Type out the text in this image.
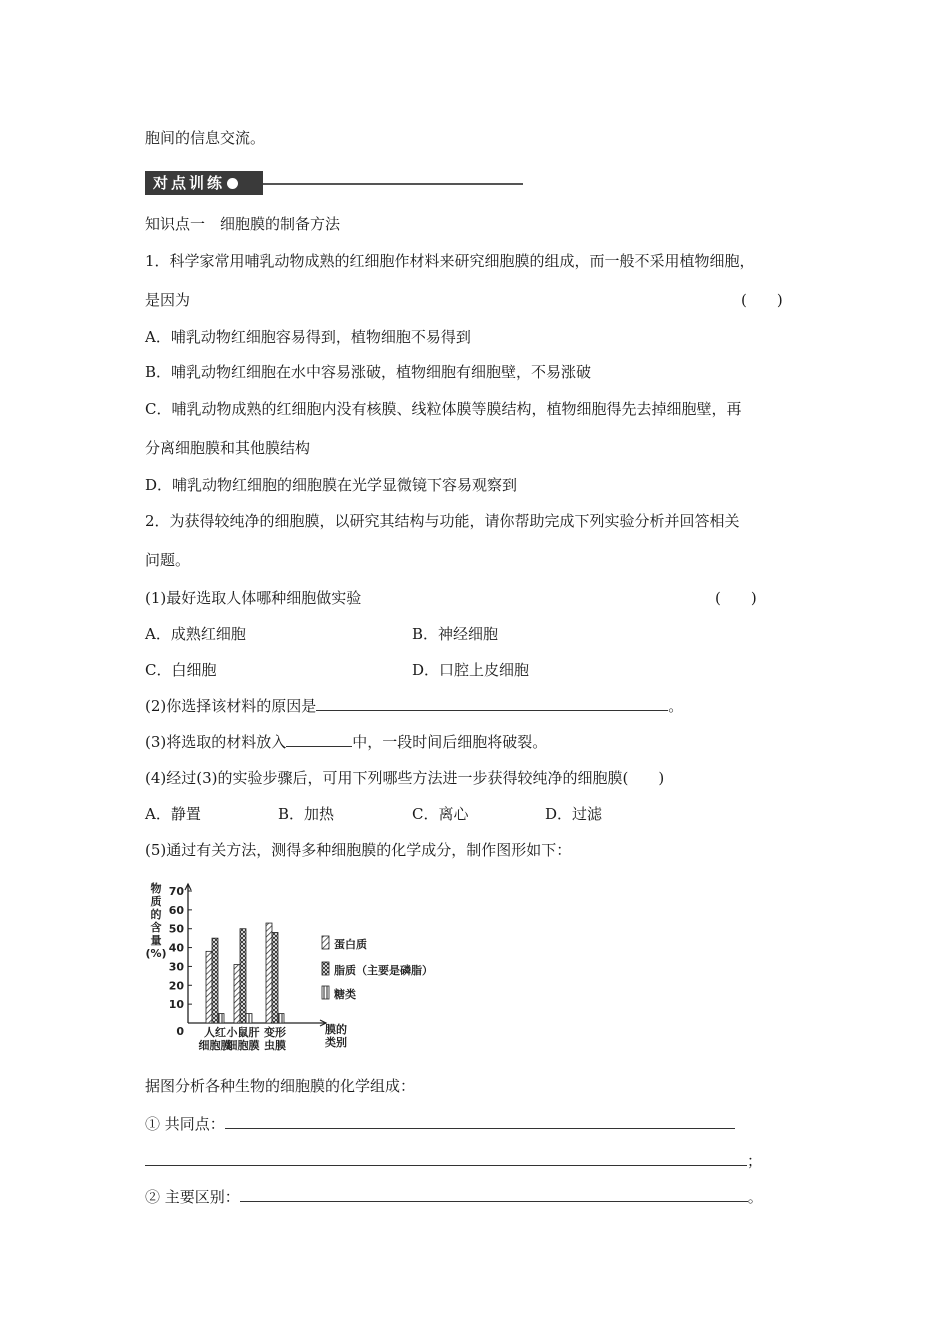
胞间的信息交流。
对点训练
知识点一　细胞膜的制备方法
1．科学家常用哺乳动物成熟的红细胞作材料来研究细胞膜的组成，而一般不采用植物细胞，
是因为	(　　)
A．哺乳动物红细胞容易得到，植物细胞不易得到
B．哺乳动物红细胞在水中容易涨破，植物细胞有细胞壁，不易涨破
C．哺乳动物成熟的红细胞内没有核膜、线粒体膜等膜结构，植物细胞得先去掉细胞壁，再
分离细胞膜和其他膜结构
D．哺乳动物红细胞的细胞膜在光学显微镜下容易观察到
2．为获得较纯净的细胞膜，以研究其结构与功能，请你帮助完成下列实验分析并回答相关
问题。
(1)最好选取人体哪种细胞做实验	(　　)
A．成熟红细胞	B．神经细胞
C．白细胞	D．口腔上皮细胞
(2)你选择该材料的原因是	。
(3)将选取的材料放入	中，一段时间后细胞将破裂。
(4)经过(3)的实验步骤后，可用下列哪些方法进一步获得较纯净的细胞膜(　　)
A．静置	B．加热	C．离心	D．过滤
(5)通过有关方法，测得多种细胞膜的化学成分，制作图形如下：
物
质
的
含
量
(%)
10
20
30
40
50
60
70
0 人红
细胞膜
小鼠肝
细胞膜
变形
虫膜
膜的
类别
蛋白质
脂质（主要是磷脂）
糖类
据图分析各种生物的细胞膜的化学组成：
① 共同点：
；
② 主要区别：	。
